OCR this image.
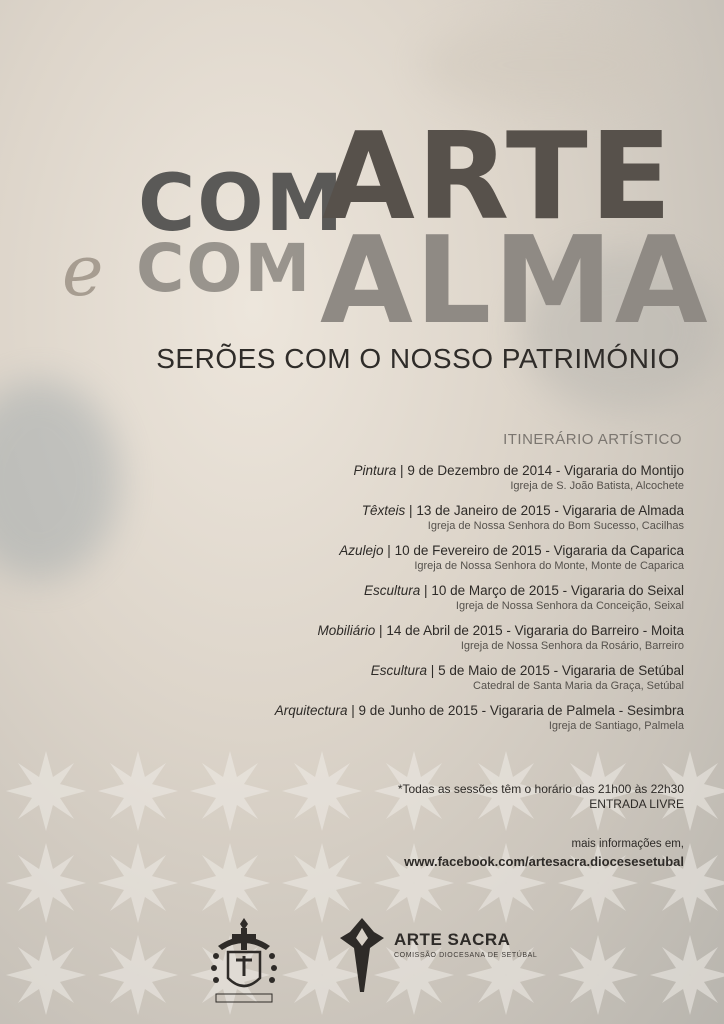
COM
ARTE
e COM ALMA
SERÕES COM O NOSSO PATRIMÓNIO
ITINERÁRIO ARTÍSTICO
Pintura | 9 de Dezembro de 2014 - Vigararia do Montijo
Igreja de S. João Batista, Alcochete
Têxteis | 13 de Janeiro de 2015 - Vigararia de Almada
Igreja de Nossa Senhora do Bom Sucesso, Cacilhas
Azulejo | 10 de Fevereiro de 2015 - Vigararia da Caparica
Igreja de Nossa Senhora do Monte, Monte de Caparica
Escultura | 10 de Março de 2015 - Vigararia do Seixal
Igreja de Nossa Senhora da Conceição, Seixal
Mobiliário | 14 de Abril de 2015 - Vigararia do Barreiro - Moita
Igreja de Nossa Senhora da Rosário, Barreiro
Escultura | 5 de Maio de 2015 - Vigararia de Setúbal
Catedral de Santa Maria da Graça, Setúbal
Arquitectura | 9 de Junho de 2015 - Vigararia de Palmela - Sesimbra
Igreja de Santiago, Palmela
*Todas as sessões têm o horário das 21h00 às 22h30
ENTRADA LIVRE
mais informações em,
www.facebook.com/artesacra.diocesesetubal
ARTE SACRA
COMISSÃO DIOCESANA DE SETÚBAL
